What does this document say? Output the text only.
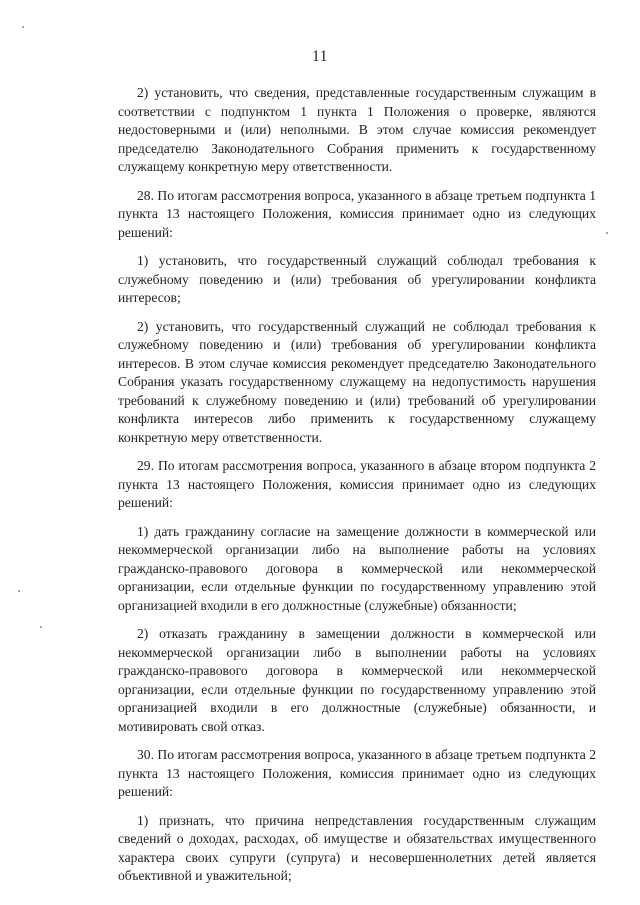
11

2) установить, что сведения, представленные государственным служащим в соответствии с подпунктом 1 пункта 1 Положения о проверке, являются недостоверными и (или) неполными. В этом случае комиссия рекомендует председателю Законодательного Собрания применить к государственному служащему конкретную меру ответственности.

28. По итогам рассмотрения вопроса, указанного в абзаце третьем подпункта 1 пункта 13 настоящего Положения, комиссия принимает одно из следующих решений:

1) установить, что государственный служащий соблюдал требования к служебному поведению и (или) требования об урегулировании конфликта интересов;

2) установить, что государственный служащий не соблюдал требования к служебному поведению и (или) требования об урегулировании конфликта интересов. В этом случае комиссия рекомендует председателю Законодательного Собрания указать государственному служащему на недопустимость нарушения требований к служебному поведению и (или) требований об урегулировании конфликта интересов либо применить к государственному служащему конкретную меру ответственности.

29. По итогам рассмотрения вопроса, указанного в абзаце втором подпункта 2 пункта 13 настоящего Положения, комиссия принимает одно из следующих решений:

1) дать гражданину согласие на замещение должности в коммерческой или некоммерческой организации либо на выполнение работы на условиях гражданско-правового договора в коммерческой или некоммерческой организации, если отдельные функции по государственному управлению этой организацией входили в его должностные (служебные) обязанности;

2) отказать гражданину в замещении должности в коммерческой или некоммерческой организации либо в выполнении работы на условиях гражданско-правового договора в коммерческой или некоммерческой организации, если отдельные функции по государственному управлению этой организацией входили в его должностные (служебные) обязанности, и мотивировать свой отказ.

30. По итогам рассмотрения вопроса, указанного в абзаце третьем подпункта 2 пункта 13 настоящего Положения, комиссия принимает одно из следующих решений:

1) признать, что причина непредставления государственным служащим сведений о доходах, расходах, об имуществе и обязательствах имущественного характера своих супруги (супруга) и несовершеннолетних детей является объективной и уважительной;
